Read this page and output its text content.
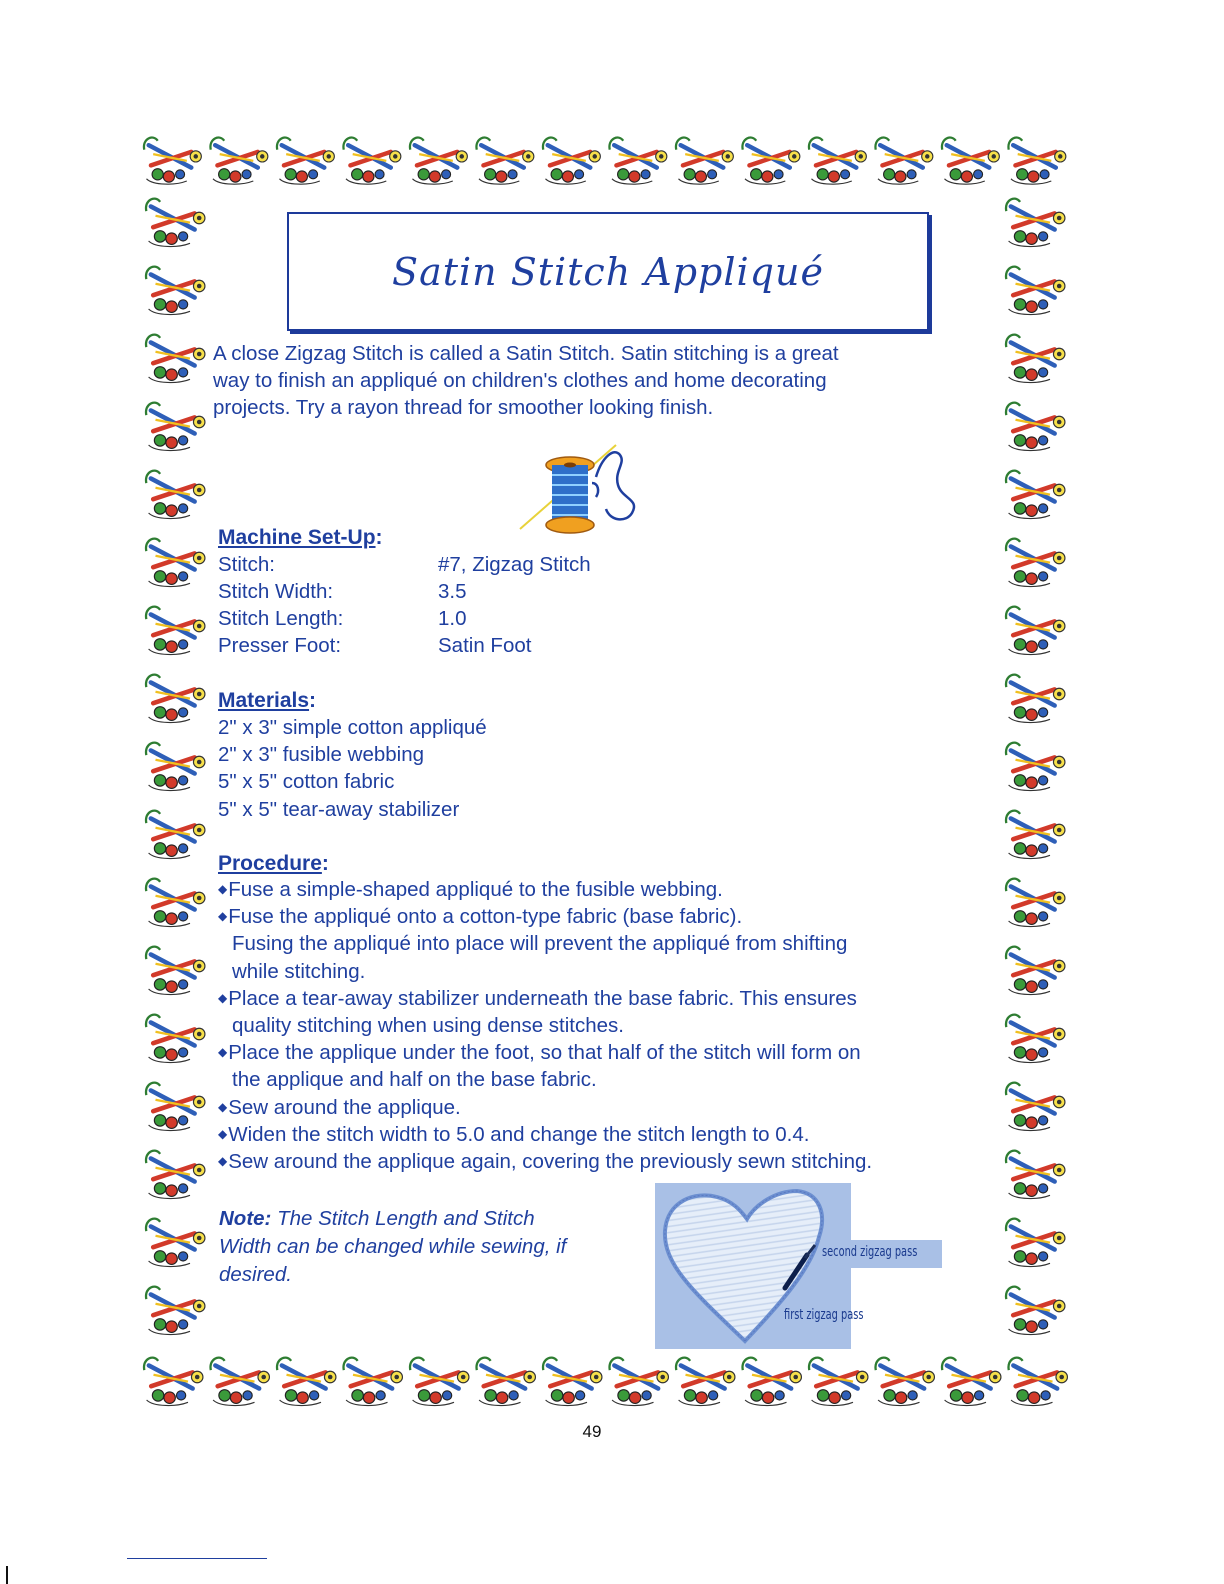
Satin Stitch Appliqué
A close Zigzag Stitch is called a Satin Stitch. Satin stitching is a great
way to finish an appliqué on children's clothes and home decorating
projects. Try a rayon thread for smoother looking finish.
Machine Set-Up:
Stitch:	#7, Zigzag Stitch
Stitch Width:	3.5
Stitch Length:	1.0
Presser Foot:	Satin Foot
Materials:
2" x 3" simple cotton appliqué
2" x 3" fusible webbing
5" x 5" cotton fabric
5" x 5" tear-away stabilizer
Procedure:
◆Fuse a simple-shaped appliqué to the fusible webbing.
◆Fuse the appliqué onto a cotton-type fabric (base fabric).
Fusing the appliqué into place will prevent the appliqué from shifting
while stitching.
◆Place a tear-away stabilizer underneath the base fabric. This ensures
quality stitching when using dense stitches.
◆Place the applique under the foot, so that half of the stitch will form on
the applique and half on the base fabric.
◆Sew around the applique.
◆Widen the stitch width to 5.0 and change the stitch length to 0.4.
◆Sew around the applique again, covering the previously sewn stitching.
Note: The Stitch Length and Stitch
Width can be changed while sewing, if
desired.
second zigzag pass
first zigzag pass
49
